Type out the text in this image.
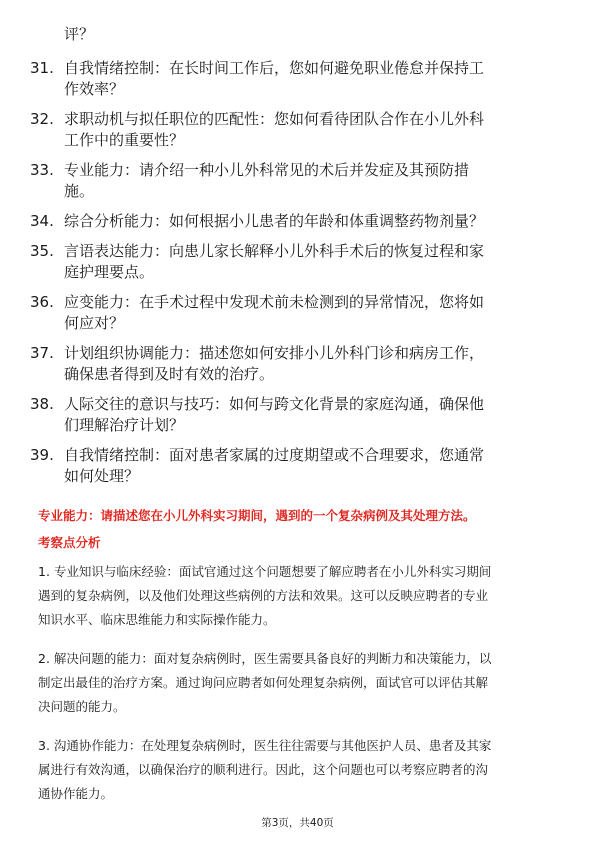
评？
31. 自我情绪控制：在长时间工作后，您如何避免职业倦怠并保持工
作效率？
32. 求职动机与拟任职位的匹配性：您如何看待团队合作在小儿外科
工作中的重要性？
33. 专业能力：请介绍一种小儿外科常见的术后并发症及其预防措
施。
34. 综合分析能力：如何根据小儿患者的年龄和体重调整药物剂量？
35. 言语表达能力：向患儿家长解释小儿外科手术后的恢复过程和家
庭护理要点。
36. 应变能力：在手术过程中发现术前未检测到的异常情况，您将如
何应对？
37. 计划组织协调能力：描述您如何安排小儿外科门诊和病房工作，
确保患者得到及时有效的治疗。
38. 人际交往的意识与技巧：如何与跨文化背景的家庭沟通，确保他
们理解治疗计划？
39. 自我情绪控制：面对患者家属的过度期望或不合理要求，您通常
如何处理？
专业能力：请描述您在小儿外科实习期间，遇到的一个复杂病例及其处理方法。
考察点分析
1. 专业知识与临床经验：面试官通过这个问题想要了解应聘者在小儿外科实习期间
遇到的复杂病例，以及他们处理这些病例的方法和效果。这可以反映应聘者的专业
知识水平、临床思维能力和实际操作能力。
2. 解决问题的能力：面对复杂病例时，医生需要具备良好的判断力和决策能力，以
制定出最佳的治疗方案。通过询问应聘者如何处理复杂病例，面试官可以评估其解
决问题的能力。
3. 沟通协作能力：在处理复杂病例时，医生往往需要与其他医护人员、患者及其家
属进行有效沟通，以确保治疗的顺利进行。因此，这个问题也可以考察应聘者的沟
通协作能力。
第3页，共40页
